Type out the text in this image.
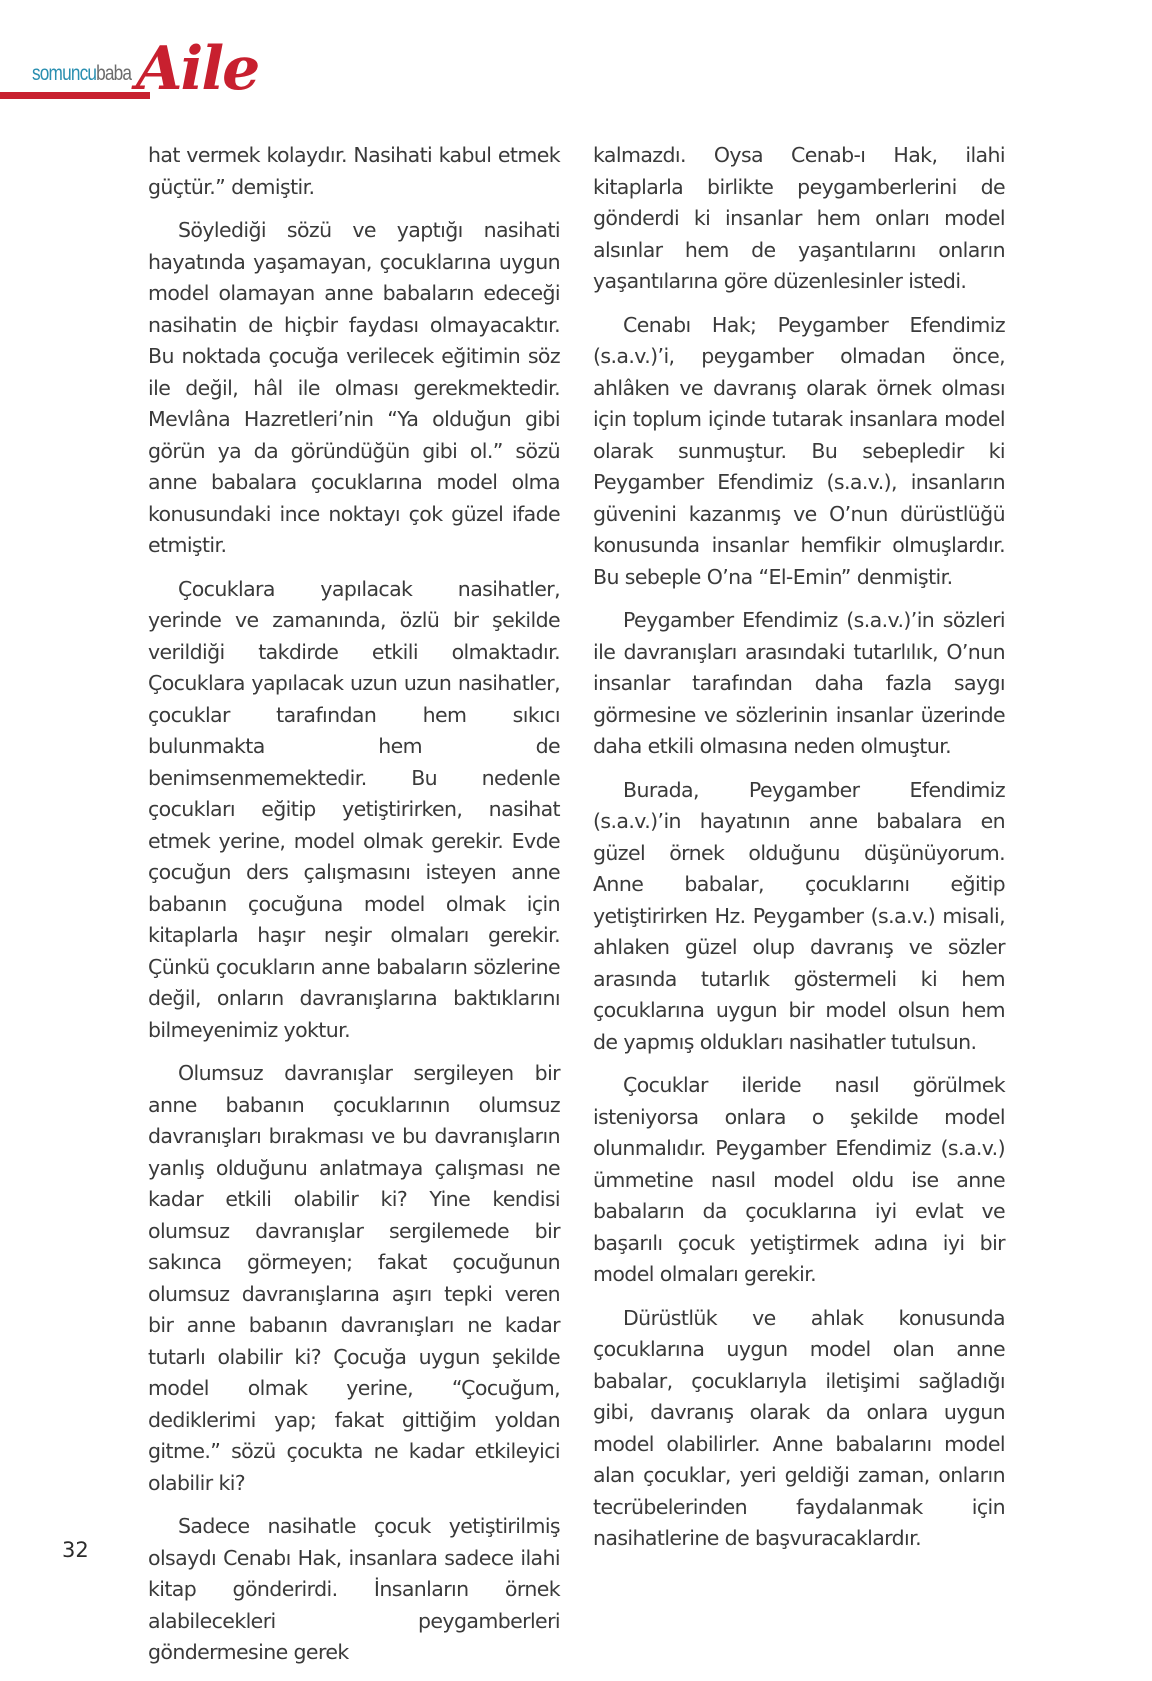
somuncubaba Aile

hat vermek kolaydır. Nasihati kabul etmek güçtür.” demiştir.

Söylediği sözü ve yaptığı nasihati hayatında yaşamayan, çocuklarına uygun model olamayan anne babaların edeceği nasihatin de hiçbir faydası olmayacaktır. Bu noktada çocuğa verilecek eğitimin söz ile değil, hâl ile olması gerekmektedir. Mevlâna Hazretleri’nin “Ya olduğun gibi görün ya da göründüğün gibi ol.” sözü anne babalara çocuklarına model olma konusundaki ince noktayı çok güzel ifade etmiştir.

Çocuklara yapılacak nasihatler, yerinde ve zamanında, özlü bir şekilde verildiği takdirde etkili olmaktadır. Çocuklara yapılacak uzun uzun nasihatler, çocuklar tarafından hem sıkıcı bulunmakta hem de benimsenmemektedir. Bu nedenle çocukları eğitip yetiştirirken, nasihat etmek yerine, model olmak gerekir. Evde çocuğun ders çalışmasını isteyen anne babanın çocuğuna model olmak için kitaplarla haşır neşir olmaları gerekir. Çünkü çocukların anne babaların sözlerine değil, onların davranışlarına baktıklarını bilmeyenimiz yoktur.

Olumsuz davranışlar sergileyen bir anne babanın çocuklarının olumsuz davranışları bırakması ve bu davranışların yanlış olduğunu anlatmaya çalışması ne kadar etkili olabilir ki? Yine kendisi olumsuz davranışlar sergilemede bir sakınca görmeyen; fakat çocuğunun olumsuz davranışlarına aşırı tepki veren bir anne babanın davranışları ne kadar tutarlı olabilir ki? Çocuğa uygun şekilde model olmak yerine, “Çocuğum, dediklerimi yap; fakat gittiğim yoldan gitme.” sözü çocukta ne kadar etkileyici olabilir ki?

Sadece nasihatle çocuk yetiştirilmiş olsaydı Cenabı Hak, insanlara sadece ilahi kitap gönderirdi. İnsanların örnek alabilecekleri peygamberleri göndermesine gerek

kalmazdı. Oysa Cenab-ı Hak, ilahi kitaplarla birlikte peygamberlerini de gönderdi ki insanlar hem onları model alsınlar hem de yaşantılarını onların yaşantılarına göre düzenlesinler istedi.

Cenabı Hak; Peygamber Efendimiz (s.a.v.)’i, peygamber olmadan önce, ahlâken ve davranış olarak örnek olması için toplum içinde tutarak insanlara model olarak sunmuştur. Bu sebepledir ki Peygamber Efendimiz (s.a.v.), insanların güvenini kazanmış ve O’nun dürüstlüğü konusunda insanlar hemfikir olmuşlardır. Bu sebeple O’na “El-Emin” denmiştir.

Peygamber Efendimiz (s.a.v.)’in sözleri ile davranışları arasındaki tutarlılık, O’nun insanlar tarafından daha fazla saygı görmesine ve sözlerinin insanlar üzerinde daha etkili olmasına neden olmuştur.

Burada, Peygamber Efendimiz (s.a.v.)’in hayatının anne babalara en güzel örnek olduğunu düşünüyorum. Anne babalar, çocuklarını eğitip yetiştirirken Hz. Peygamber (s.a.v.) misali, ahlaken güzel olup davranış ve sözler arasında tutarlık göstermeli ki hem çocuklarına uygun bir model olsun hem de yapmış oldukları nasihatler tutulsun.

Çocuklar ileride nasıl görülmek isteniyorsa onlara o şekilde model olunmalıdır. Peygamber Efendimiz (s.a.v.) ümmetine nasıl model oldu ise anne babaların da çocuklarına iyi evlat ve başarılı çocuk yetiştirmek adına iyi bir model olmaları gerekir.

Dürüstlük ve ahlak konusunda çocuklarına uygun model olan anne babalar, çocuklarıyla iletişimi sağladığı gibi, davranış olarak da onlara uygun model olabilirler. Anne babalarını model alan çocuklar, yeri geldiği zaman, onların tecrübelerinden faydalanmak için nasihatlerine de başvuracaklardır.

32
